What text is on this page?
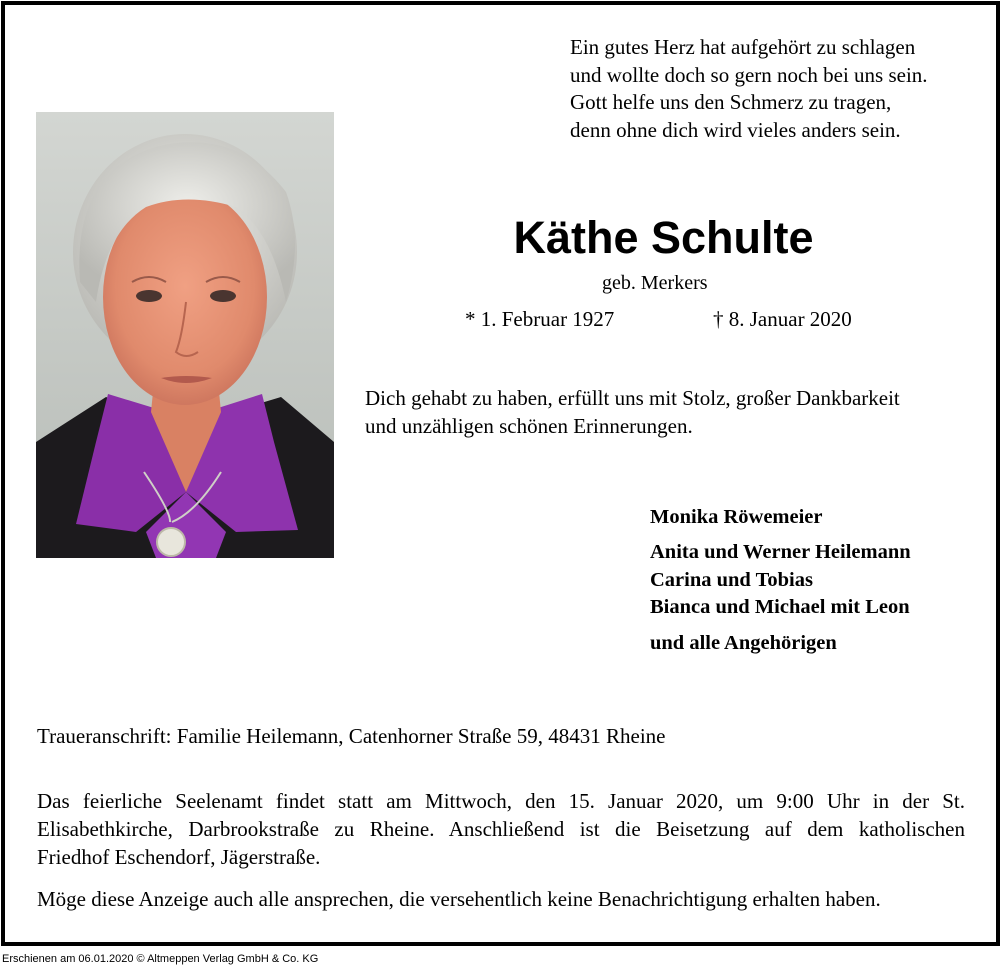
Ein gutes Herz hat aufgehört zu schlagen
und wollte doch so gern noch bei uns sein.
Gott helfe uns den Schmerz zu tragen,
denn ohne dich wird vieles anders sein.
Käthe Schulte
geb. Merkers
* 1. Februar 1927	† 8. Januar 2020
Dich gehabt zu haben, erfüllt uns mit Stolz, großer Dankbarkeit
und unzähligen schönen Erinnerungen.
Monika Röwemeier
Anita und Werner Heilemann
Carina und Tobias
Bianca und Michael mit Leon
und alle Angehörigen
Traueranschrift: Familie Heilemann, Catenhorner Straße 59, 48431 Rheine
Das feierliche Seelenamt findet statt am Mittwoch, den 15. Januar 2020, um 9:00 Uhr in der St.
Elisabethkirche, Darbrookstraße zu Rheine. Anschließend ist die Beisetzung auf dem katholischen
Friedhof Eschendorf, Jägerstraße.
Möge diese Anzeige auch alle ansprechen, die versehentlich keine Benachrichtigung erhalten haben.
Erschienen am 06.01.2020 © Altmeppen Verlag GmbH & Co. KG
